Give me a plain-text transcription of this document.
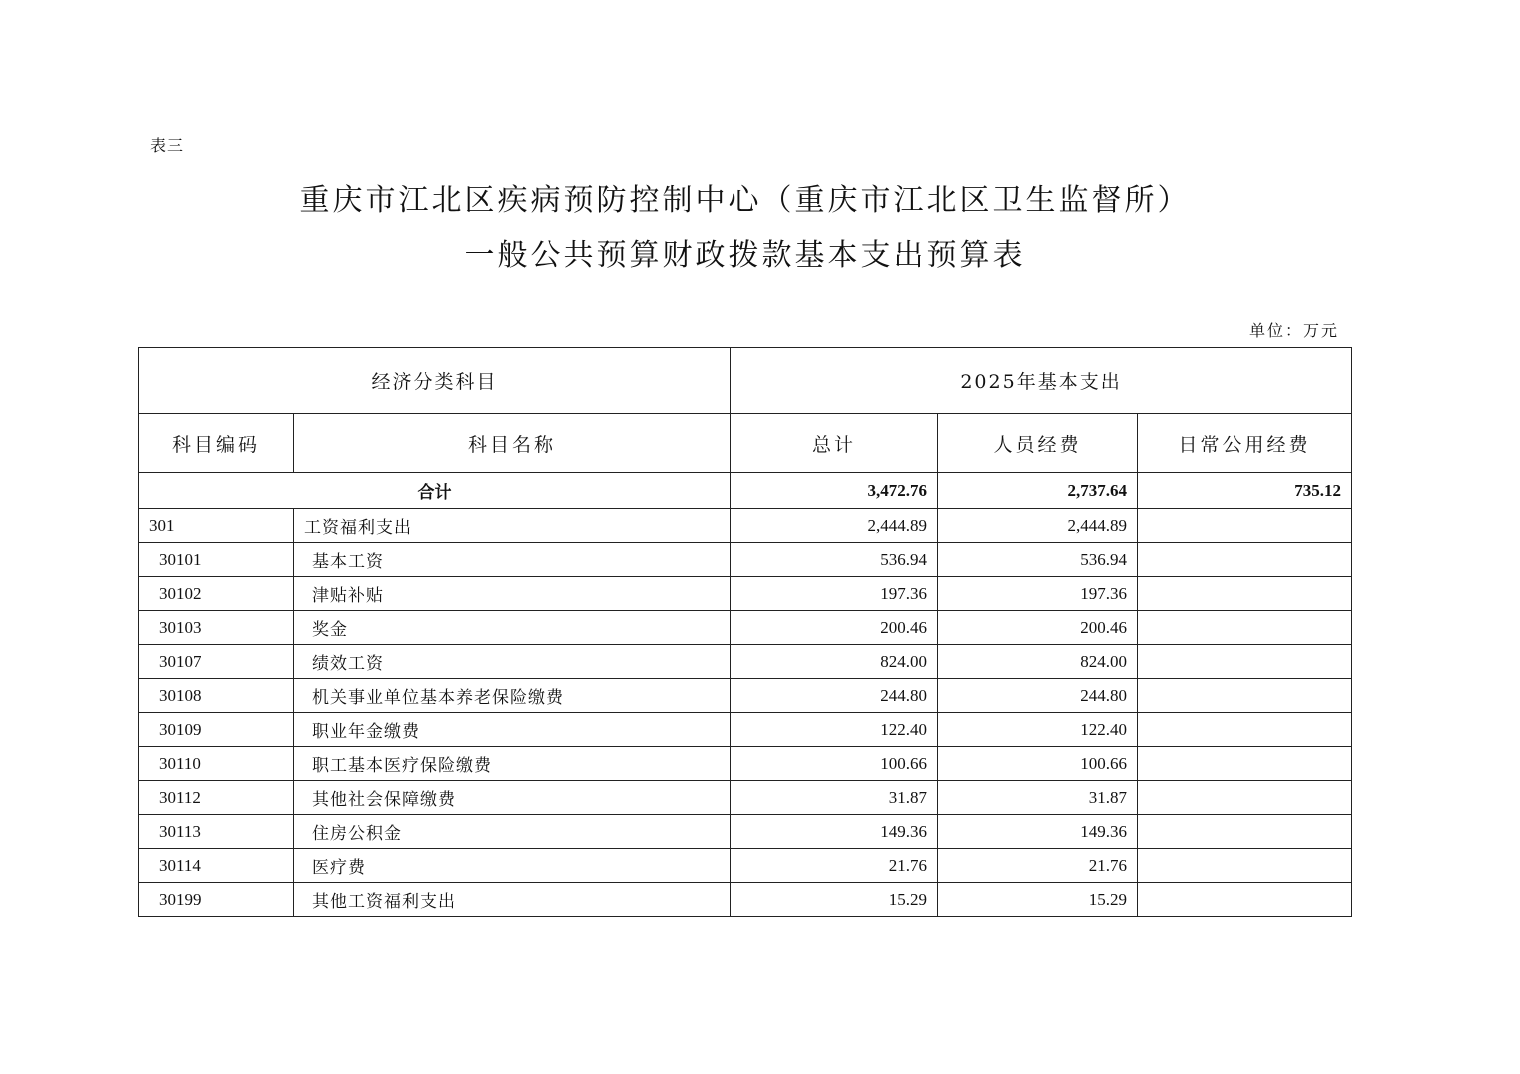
表三
重庆市江北区疾病预防控制中心（重庆市江北区卫生监督所）
一般公共预算财政拨款基本支出预算表
单位：万元
经济分类科目		2025年基本支出		
科目编码	科目名称	总计	人员经费	日常公用经费
合计		3,472.76	2,737.64	735.12
301	工资福利支出	2,444.89	2,444.89	
30101	基本工资	536.94	536.94	
30102	津贴补贴	197.36	197.36	
30103	奖金	200.46	200.46	
30107	绩效工资	824.00	824.00	
30108	机关事业单位基本养老保险缴费	244.80	244.80	
30109	职业年金缴费	122.40	122.40	
30110	职工基本医疗保险缴费	100.66	100.66	
30112	其他社会保障缴费	31.87	31.87	
30113	住房公积金	149.36	149.36	
30114	医疗费	21.76	21.76	
30199	其他工资福利支出	15.29	15.29	
